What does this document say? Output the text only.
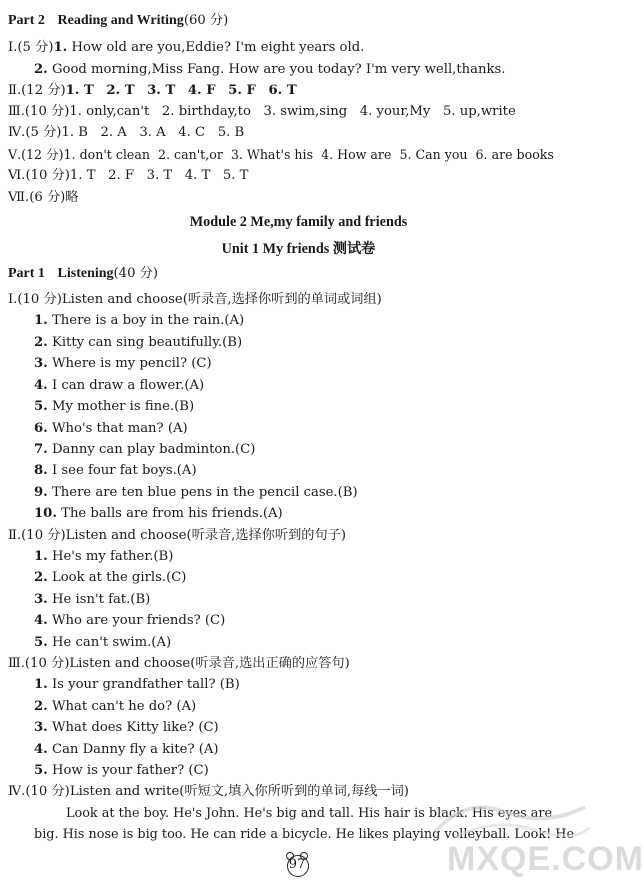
Part 2 Reading and Writing(60 分)
Ⅰ.(5 分)1. How old are you,Eddie? I'm eight years old.
2. Good morning,Miss Fang. How are you today? I'm very well,thanks.
Ⅱ.(12 分)1. T 2. T 3. T 4. F 5. F 6. T
Ⅲ.(10 分)1. only,can't 2. birthday,to 3. swim,sing 4. your,My 5. up,write
Ⅳ.(5 分)1. B 2. A 3. A 4. C 5. B
Ⅴ.(12 分)1. don't clean 2. can't,or 3. What's his 4. How are 5. Can you 6. are books
Ⅵ.(10 分)1. T 2. F 3. T 4. T 5. T
Ⅶ.(6 分)略
Module 2 Me,my family and friends
Unit 1 My friends 测试卷
Part 1 Listening(40 分)
Ⅰ.(10 分)Listen and choose(听录音,选择你听到的单词或词组)
1. There is a boy in the rain.(A)
2. Kitty can sing beautifully.(B)
3. Where is my pencil? (C)
4. I can draw a flower.(A)
5. My mother is fine.(B)
6. Who's that man? (A)
7. Danny can play badminton.(C)
8. I see four fat boys.(A)
9. There are ten blue pens in the pencil case.(B)
10. The balls are from his friends.(A)
Ⅱ.(10 分)Listen and choose(听录音,选择你听到的句子)
1. He's my father.(B)
2. Look at the girls.(C)
3. He isn't fat.(B)
4. Who are your friends? (C)
5. He can't swim.(A)
Ⅲ.(10 分)Listen and choose(听录音,选出正确的应答句)
1. Is your grandfather tall? (B)
2. What can't he do? (A)
3. What does Kitty like? (C)
4. Can Danny fly a kite? (A)
5. How is your father? (C)
Ⅳ.(10 分)Listen and write(听短文,填入你所听到的单词,每线一词)
Look at the boy. He's John. He's big and tall. His hair is black. His eyes are
big. His nose is big too. He can ride a bicycle. He likes playing volleyball. Look! He
97	MXQE.COM
